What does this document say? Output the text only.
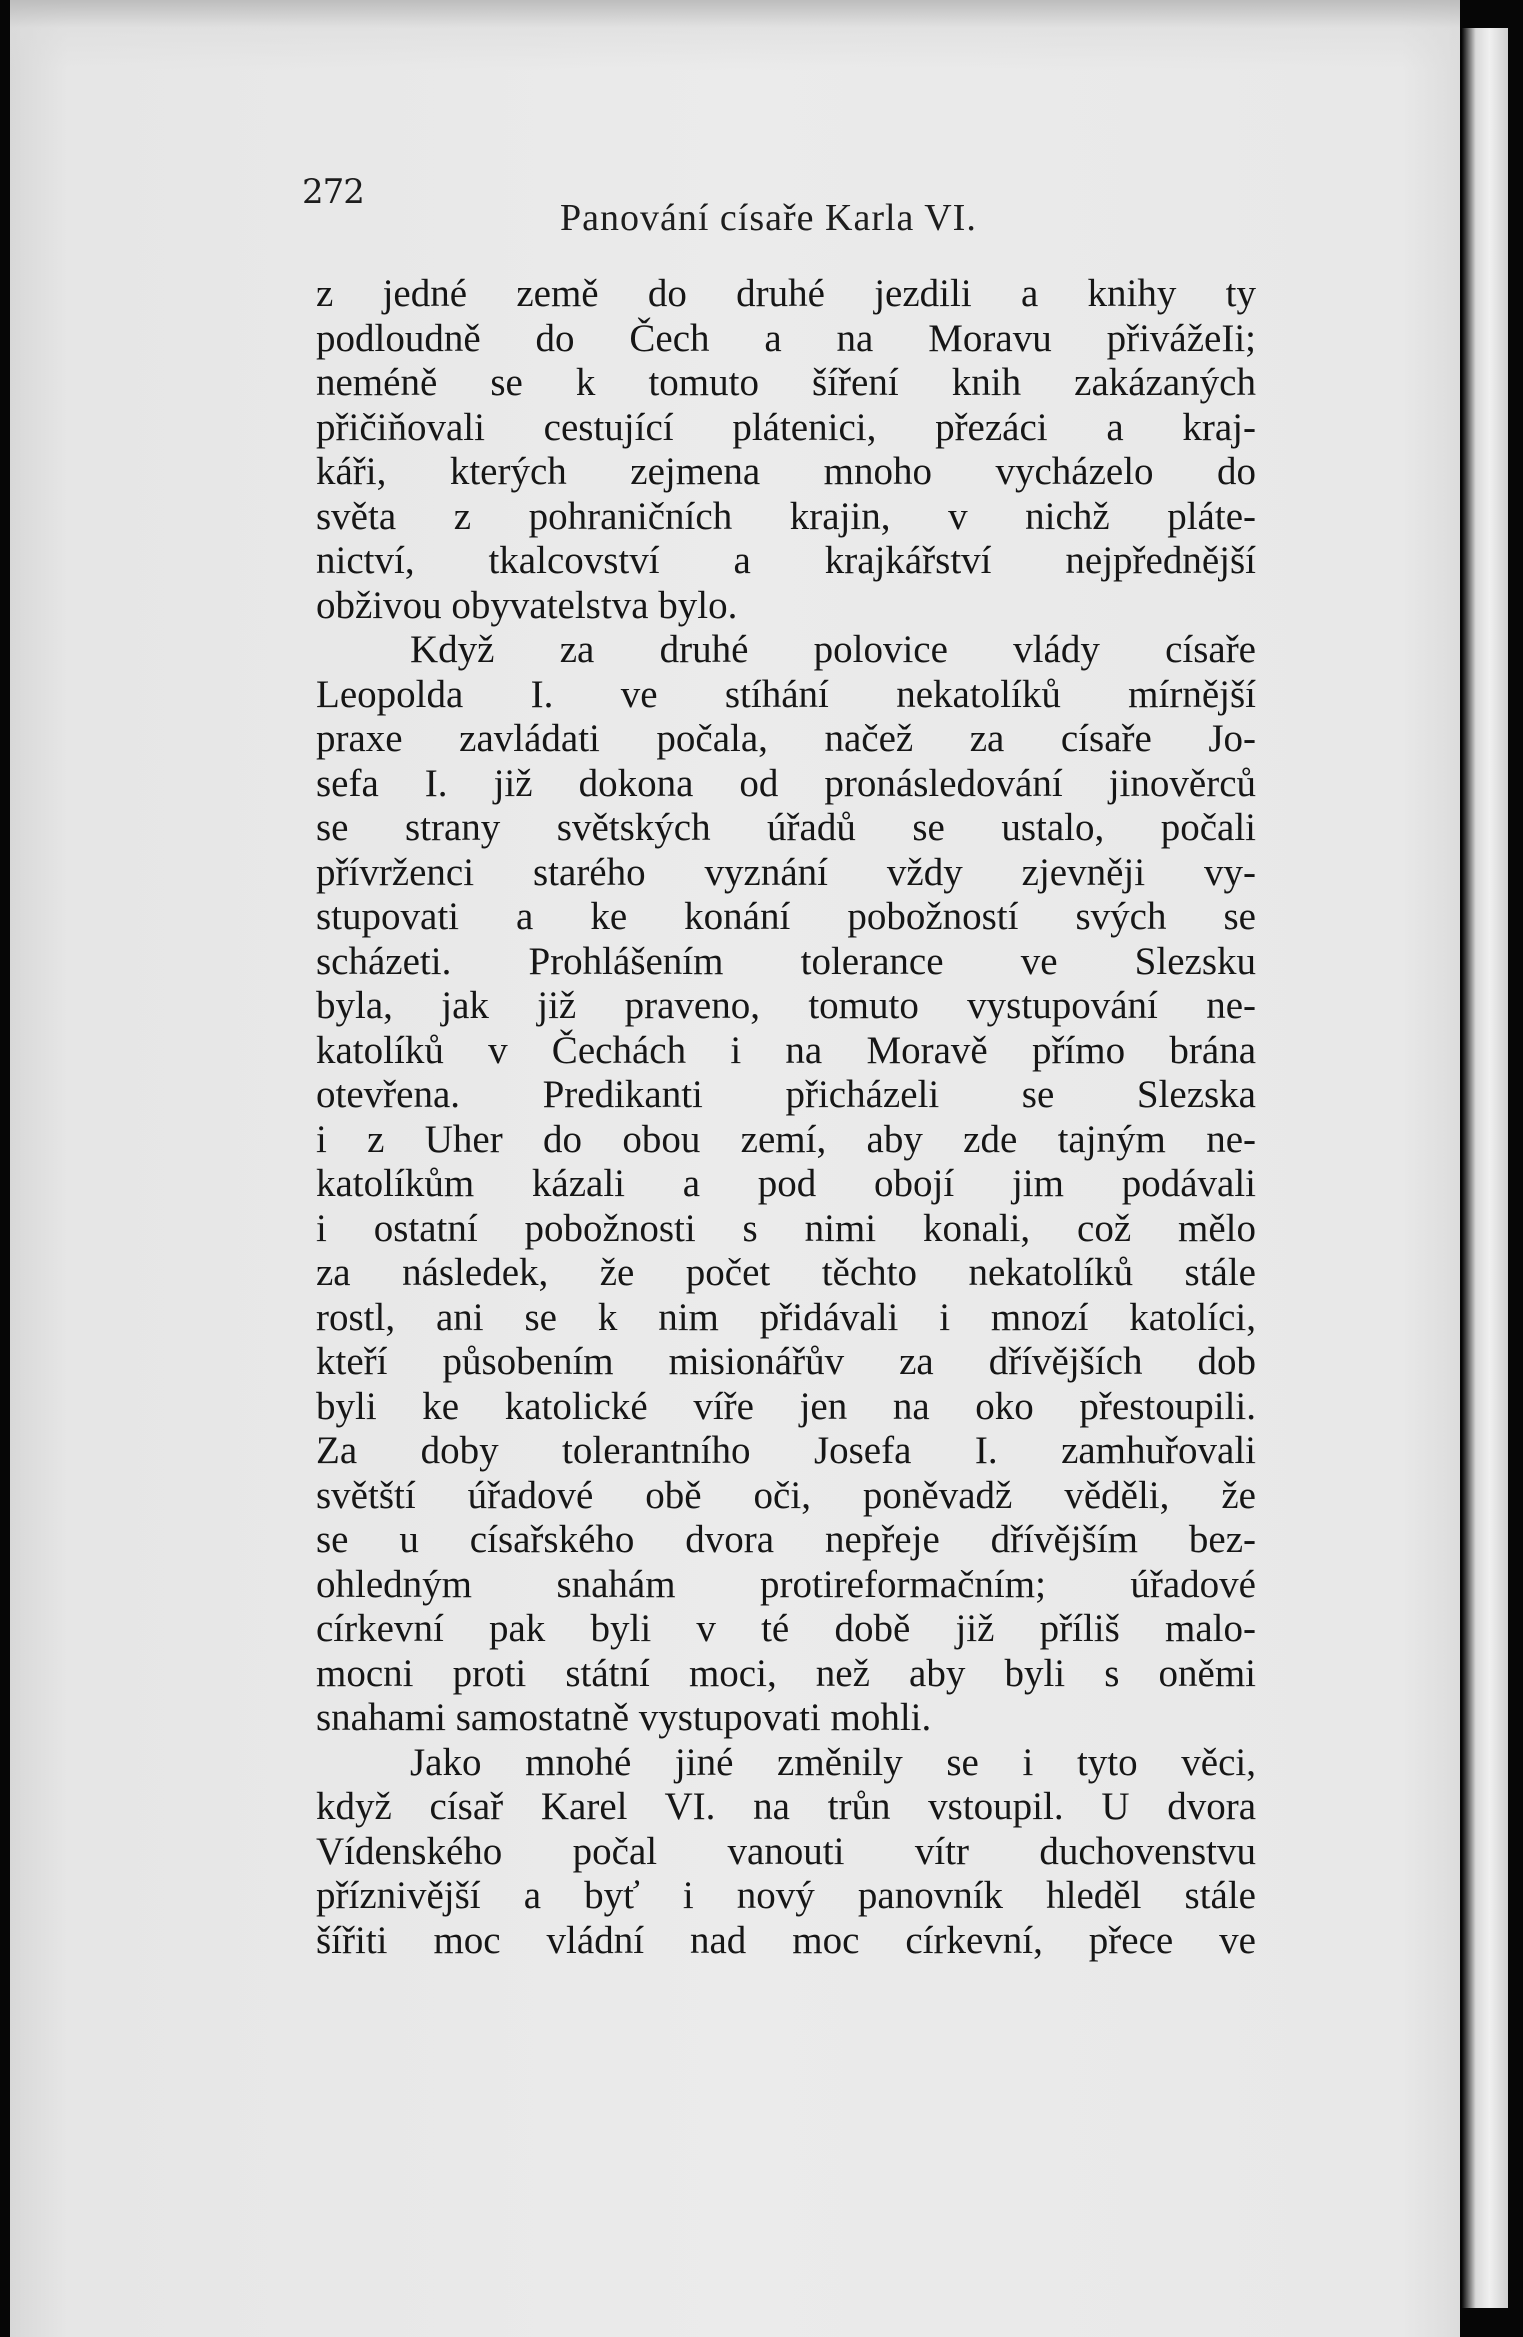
272
Panování císaře Karla VI.
z jedné země do druhé jezdili a knihy ty
podloudně do Čech a na Moravu přivážeIi;
neméně se k tomuto šíření knih zakázaných
přičiňovali cestující plátenici, přezáci a kraj-
káři, kterých zejmena mnoho vycházelo do
světa z pohraničních krajin, v nichž pláte-
nictví, tkalcovství a krajkářství nejpřednější
obživou obyvatelstva bylo.
Když za druhé polovice vlády císaře
Leopolda I. ve stíhání nekatolíků mírnější
praxe zavládati počala, načež za císaře Jo-
sefa I. již dokona od pronásledování jinověrců
se strany světských úřadů se ustalo, počali
přívrženci starého vyznání vždy zjevněji vy-
stupovati a ke konání pobožností svých se
scházeti. Prohlášením tolerance ve Slezsku
byla, jak již praveno, tomuto vystupování ne-
katolíků v Čechách i na Moravě přímo brána
otevřena. Predikanti přicházeli se Slezska
i z Uher do obou zemí, aby zde tajným ne-
katolíkům kázali a pod obojí jim podávali
i ostatní pobožnosti s nimi konali, což mělo
za následek, že počet těchto nekatolíků stále
rostl, ani se k nim přidávali i mnozí katolíci,
kteří působením misionářův za dřívějších dob
byli ke katolické víře jen na oko přestoupili.
Za doby tolerantního Josefa I. zamhuřovali
světští úřadové obě oči, poněvadž věděli, že
se u císařského dvora nepřeje dřívějším bez-
ohledným snahám protireformačním; úřadové
církevní pak byli v té době již příliš malo-
mocni proti státní moci, než aby byli s oněmi
snahami samostatně vystupovati mohli.
Jako mnohé jiné změnily se i tyto věci,
když císař Karel VI. na trůn vstoupil. U dvora
Vídenského počal vanouti vítr duchovenstvu
příznivější a byť i nový panovník hleděl stále
šířiti moc vládní nad moc církevní, přece ve
